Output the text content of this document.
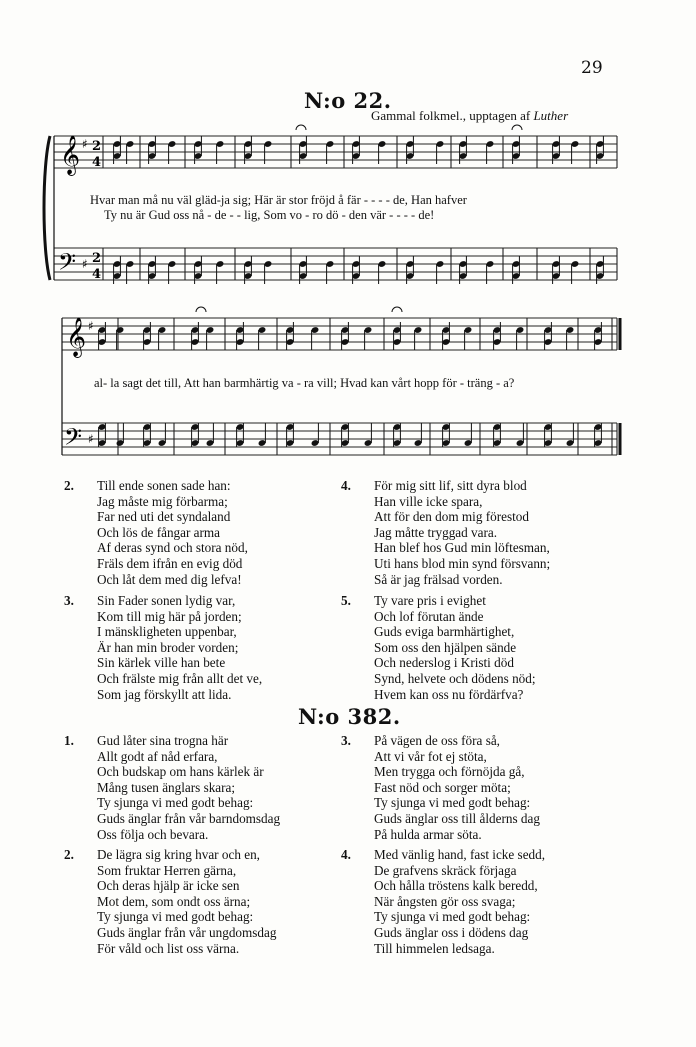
29
N:o 22.
Gammal folkmel., upptagen af Luther
𝄞
𝄢
♯
♯
2
4
2
4
𝄞
𝄢
♯
♯
Hvar man må nu väl gläd-ja sig; Här är stor fröjd å fär - - - - de, Han hafver
Ty nu är Gud oss nå - de - - lig, Som vo - ro dö - den vär - - - - de!
al- la sagt det till, Att han barmhärtig va - ra vill; Hvad kan vårt hopp för - träng - a?
2. Till ende sonen sade han:
Jag måste mig förbarma;
Far ned uti det syndaland
Och lös de fångar arma
Af deras synd och stora nöd,
Fräls dem ifrån en evig död
Och låt dem med dig lefva!
3. Sin Fader sonen lydig var,
Kom till mig här på jorden;
I mänskligheten uppenbar,
Är han min broder vorden;
Sin kärlek ville han bete
Och frälste mig från allt det ve,
Som jag förskyllt att lida.
4. För mig sitt lif, sitt dyra blod
Han ville icke spara,
Att för den dom mig förestod
Jag måtte tryggad vara.
Han blef hos Gud min löftesman,
Uti hans blod min synd försvann;
Så är jag frälsad vorden.
5. Ty vare pris i evighet
Och lof förutan ände
Guds eviga barmhärtighet,
Som oss den hjälpen sände
Och nederslog i Kristi död
Synd, helvete och dödens nöd;
Hvem kan oss nu fördärfva?
N:o 382.
1. Gud låter sina trogna här
Allt godt af nåd erfara,
Och budskap om hans kärlek är
Mång tusen änglars skara;
Ty sjunga vi med godt behag:
Guds änglar från vår barndomsdag
Oss följa och bevara.
2. De lägra sig kring hvar och en,
Som fruktar Herren gärna,
Och deras hjälp är icke sen
Mot dem, som ondt oss ärna;
Ty sjunga vi med godt behag:
Guds änglar från vår ungdomsdag
För våld och list oss värna.
3. På vägen de oss föra så,
Att vi vår fot ej stöta,
Men trygga och förnöjda gå,
Fast nöd och sorger möta;
Ty sjunga vi med godt behag:
Guds änglar oss till ålderns dag
På hulda armar söta.
4. Med vänlig hand, fast icke sedd,
De grafvens skräck förjaga
Och hålla tröstens kalk beredd,
När ångsten gör oss svaga;
Ty sjunga vi med godt behag:
Guds änglar oss i dödens dag
Till himmelen ledsaga.
